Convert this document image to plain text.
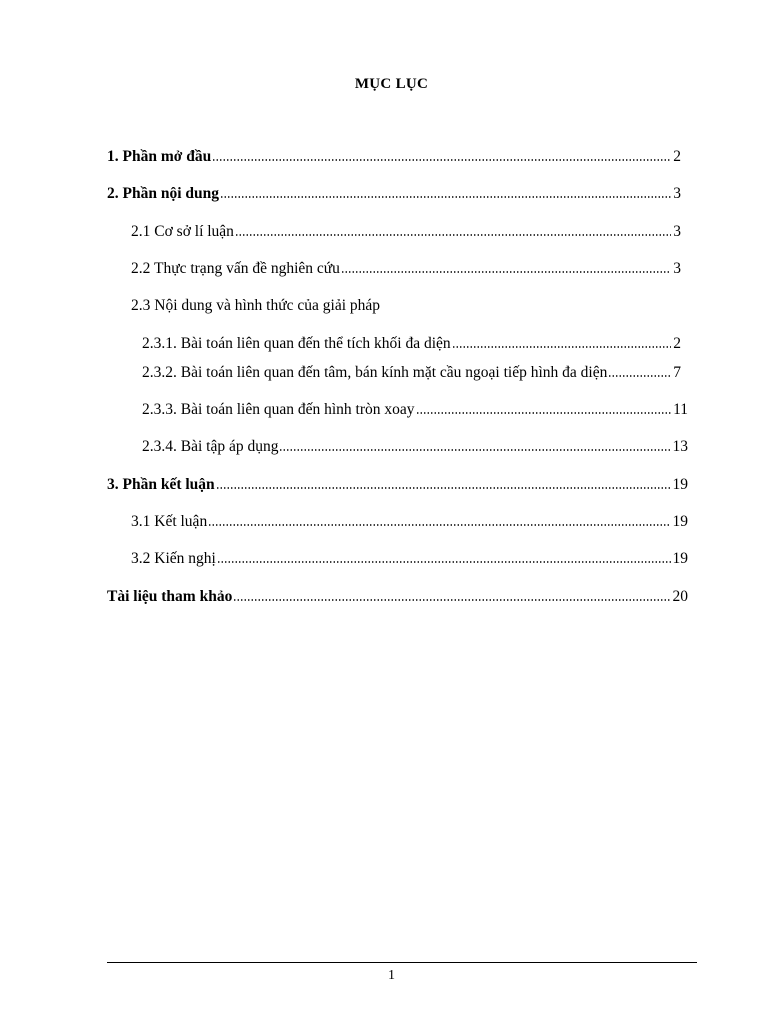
MỤC LỤC
1. Phần mở đầu	2
2. Phần nội dung	3
2.1 Cơ sở lí luận	3
2.2 Thực trạng vấn đề nghiên cứu	3
2.3 Nội dung và hình thức của giải pháp
2.3.1. Bài toán liên quan đến thể tích khối đa diện	2
2.3.2. Bài toán liên quan đến tâm, bán kính mặt cầu ngoại tiếp hình đa diện	7
2.3.3. Bài toán liên quan đến hình tròn xoay	11
2.3.4. Bài tập áp dụng	13
3. Phần kết luận	19
3.1 Kết luận	19
3.2 Kiến nghị	19
Tài liệu tham khảo	20
1
